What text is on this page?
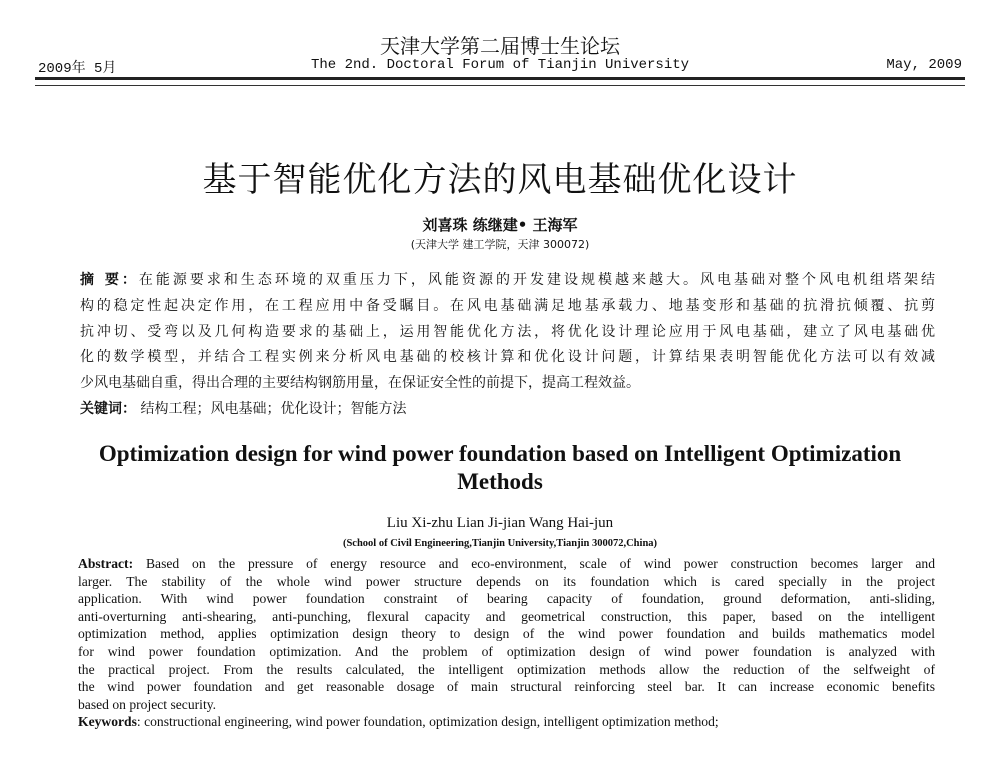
天津大学第二届博士生论坛
2009年 5月	The 2nd. Doctoral Forum of Tianjin University	May, 2009
基于智能优化方法的风电基础优化设计
刘喜珠 练继建• 王海军
(天津大学 建工学院，天津 300072)
摘 要：在能源要求和生态环境的双重压力下，风能资源的开发建设规模越来越大。风电基础对整个风电机组塔架结
构的稳定性起决定作用，在工程应用中备受瞩目。在风电基础满足地基承载力、地基变形和基础的抗滑抗倾覆、抗剪
抗冲切、受弯以及几何构造要求的基础上，运用智能优化方法，将优化设计理论应用于风电基础，建立了风电基础优
化的数学模型，并结合工程实例来分析风电基础的校核计算和优化设计问题，计算结果表明智能优化方法可以有效减
少风电基础自重，得出合理的主要结构钢筋用量，在保证安全性的前提下，提高工程效益。
关键词： 结构工程；风电基础；优化设计；智能方法
Optimization design for wind power foundation based on Intelligent Optimization
Methods
Liu Xi-zhu Lian Ji-jian Wang Hai-jun
(School of Civil Engineering,Tianjin University,Tianjin 300072,China)
Abstract: Based on the pressure of energy resource and eco-environment, scale of wind power construction becomes larger and
larger. The stability of the whole wind power structure depends on its foundation which is cared specially in the project
application. With wind power foundation constraint of bearing capacity of foundation, ground deformation, anti-sliding,
anti-overturning anti-shearing, anti-punching, flexural capacity and geometrical construction, this paper, based on the intelligent
optimization method, applies optimization design theory to design of the wind power foundation and builds mathematics model
for wind power foundation optimization. And the problem of optimization design of wind power foundation is analyzed with
the practical project. From the results calculated, the intelligent optimization methods allow the reduction of the selfweight of
the wind power foundation and get reasonable dosage of main structural reinforcing steel bar. It can increase economic benefits
based on project security.
Keywords: constructional engineering, wind power foundation, optimization design, intelligent optimization method;
